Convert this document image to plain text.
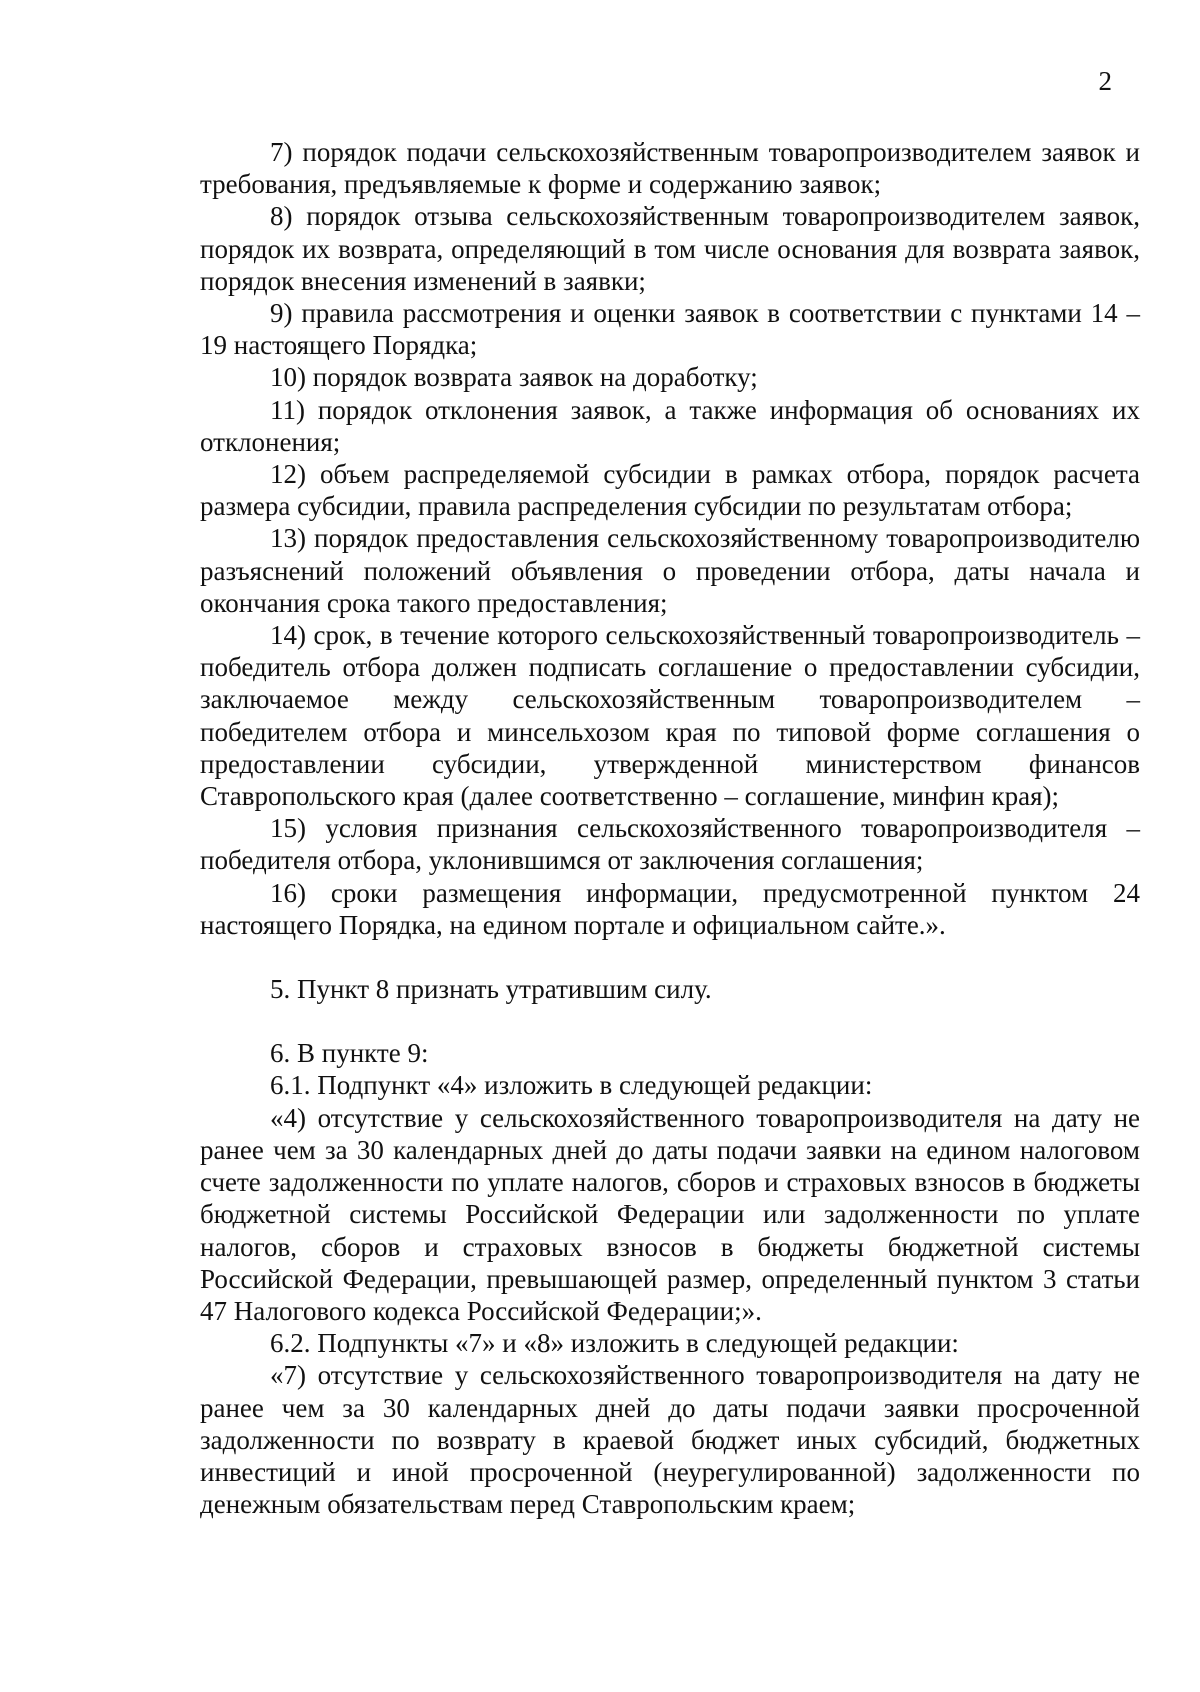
2

7) порядок подачи сельскохозяйственным товаропроизводителем заявок и требования, предъявляемые к форме и содержанию заявок;

8) порядок отзыва сельскохозяйственным товаропроизводителем заявок, порядок их возврата, определяющий в том числе основания для возврата заявок, порядок внесения изменений в заявки;

9) правила рассмотрения и оценки заявок в соответствии с пунктами 14 – 19 настоящего Порядка;

10) порядок возврата заявок на доработку;

11) порядок отклонения заявок, а также информация об основаниях их отклонения;

12) объем распределяемой субсидии в рамках отбора, порядок расчета размера субсидии, правила распределения субсидии по результатам отбора;

13) порядок предоставления сельскохозяйственному товаропроизводителю разъяснений положений объявления о проведении отбора, даты начала и окончания срока такого предоставления;

14) срок, в течение которого сельскохозяйственный товаропроизводитель – победитель отбора должен подписать соглашение о предоставлении субсидии, заключаемое между сельскохозяйственным товаропроизводителем – победителем отбора и минсельхозом края по типовой форме соглашения о предоставлении субсидии, утвержденной министерством финансов Ставропольского края (далее соответственно – соглашение, минфин края);

15) условия признания сельскохозяйственного товаропроизводителя – победителя отбора, уклонившимся от заключения соглашения;

16) сроки размещения информации, предусмотренной пунктом 24 настоящего Порядка, на едином портале и официальном сайте.».

5. Пункт 8 признать утратившим силу.

6. В пункте 9:

6.1. Подпункт «4» изложить в следующей редакции:

«4) отсутствие у сельскохозяйственного товаропроизводителя на дату не ранее чем за 30 календарных дней до даты подачи заявки на едином налоговом счете задолженности по уплате налогов, сборов и страховых взносов в бюджеты бюджетной системы Российской Федерации или задолженности по уплате налогов, сборов и страховых взносов в бюджеты бюджетной системы Российской Федерации, превышающей размер, определенный пунктом 3 статьи 47 Налогового кодекса Российской Федерации;».

6.2. Подпункты «7» и «8» изложить в следующей редакции:

«7) отсутствие у сельскохозяйственного товаропроизводителя на дату не ранее чем за 30 календарных дней до даты подачи заявки просроченной задолженности по возврату в краевой бюджет иных субсидий, бюджетных инвестиций и иной просроченной (неурегулированной) задолженности по денежным обязательствам перед Ставропольским краем;
